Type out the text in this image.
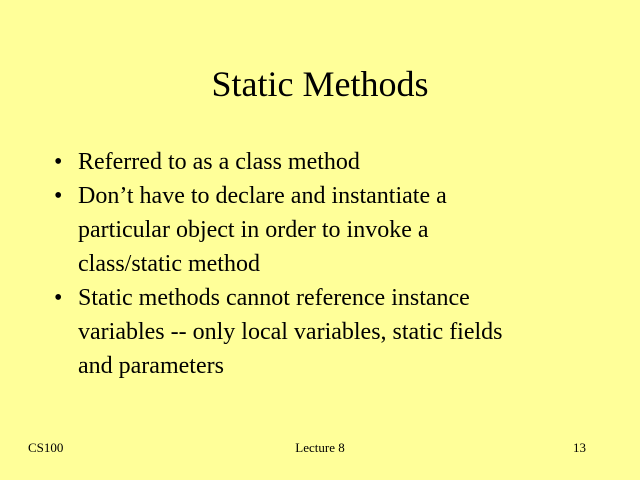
Static Methods
• Referred to as a class method
• Don’t have to declare and instantiate a
particular object in order to invoke a
class/static method
• Static methods cannot reference instance
variables -- only local variables, static fields
and parameters
CS100	Lecture 8	13
